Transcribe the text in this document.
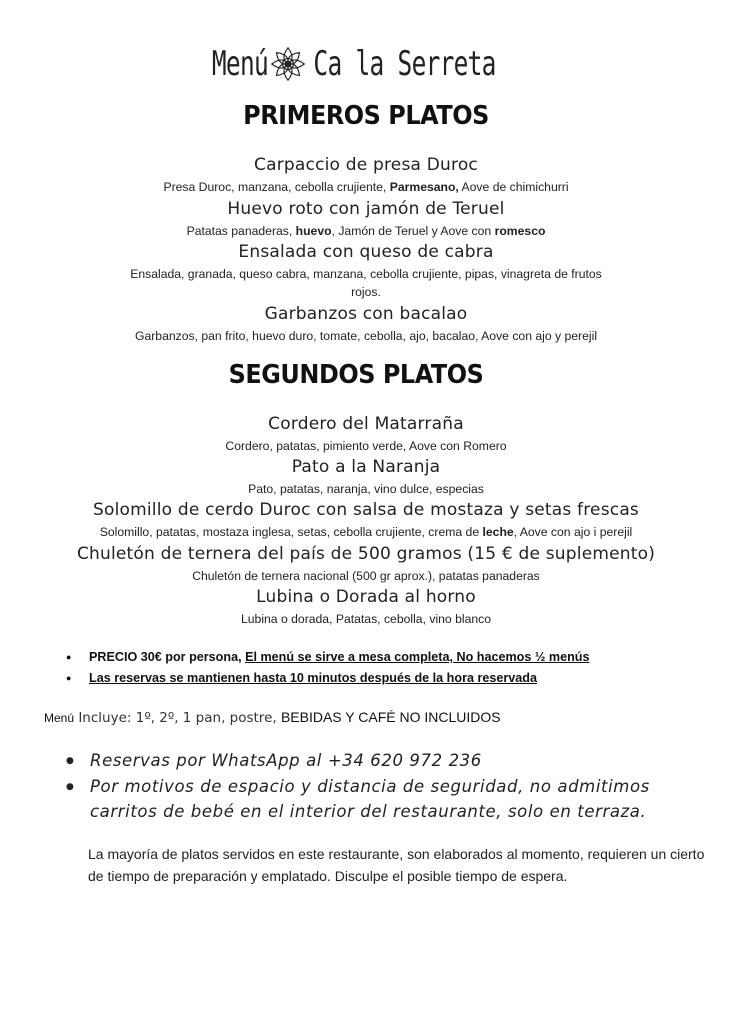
Menú Ca la Serreta
PRIMEROS PLATOS
Carpaccio de presa Duroc
Presa Duroc, manzana, cebolla crujiente, Parmesano, Aove de chimichurri
Huevo roto con jamón de Teruel
Patatas panaderas, huevo, Jamón de Teruel y Aove con romesco
Ensalada con queso de cabra
Ensalada, granada, queso cabra, manzana, cebolla crujiente, pipas, vinagreta de frutos
rojos.
Garbanzos con bacalao
Garbanzos, pan frito, huevo duro, tomate, cebolla, ajo, bacalao, Aove con ajo y perejil
SEGUNDOS PLATOS
Cordero del Matarraña
Cordero, patatas, pimiento verde, Aove con Romero
Pato a la Naranja
Pato, patatas, naranja, vino dulce, especias
Solomillo de cerdo Duroc con salsa de mostaza y setas frescas
Solomillo, patatas, mostaza inglesa, setas, cebolla crujiente, crema de leche, Aove con ajo i perejil
Chuletón de ternera del país de 500 gramos (15 € de suplemento)
Chuletón de ternera nacional (500 gr aprox.), patatas panaderas
Lubina o Dorada al horno
Lubina o dorada, Patatas, cebolla, vino blanco
● PRECIO 30€ por persona, El menú se sirve a mesa completa, No hacemos ½ menús
● Las reservas se mantienen hasta 10 minutos después de la hora reservada
Menú Incluye: 1º, 2º, 1 pan, postre, BEBIDAS Y CAFÉ NO INCLUIDOS
● Reservas por WhatsApp al +34 620 972 236
● Por motivos de espacio y distancia de seguridad, no admitimos carritos de bebé en el interior del restaurante, solo en terraza.
La mayoría de platos servidos en este restaurante, son elaborados al momento, requieren un cierto de tiempo de preparación y emplatado. Disculpe el posible tiempo de espera.
